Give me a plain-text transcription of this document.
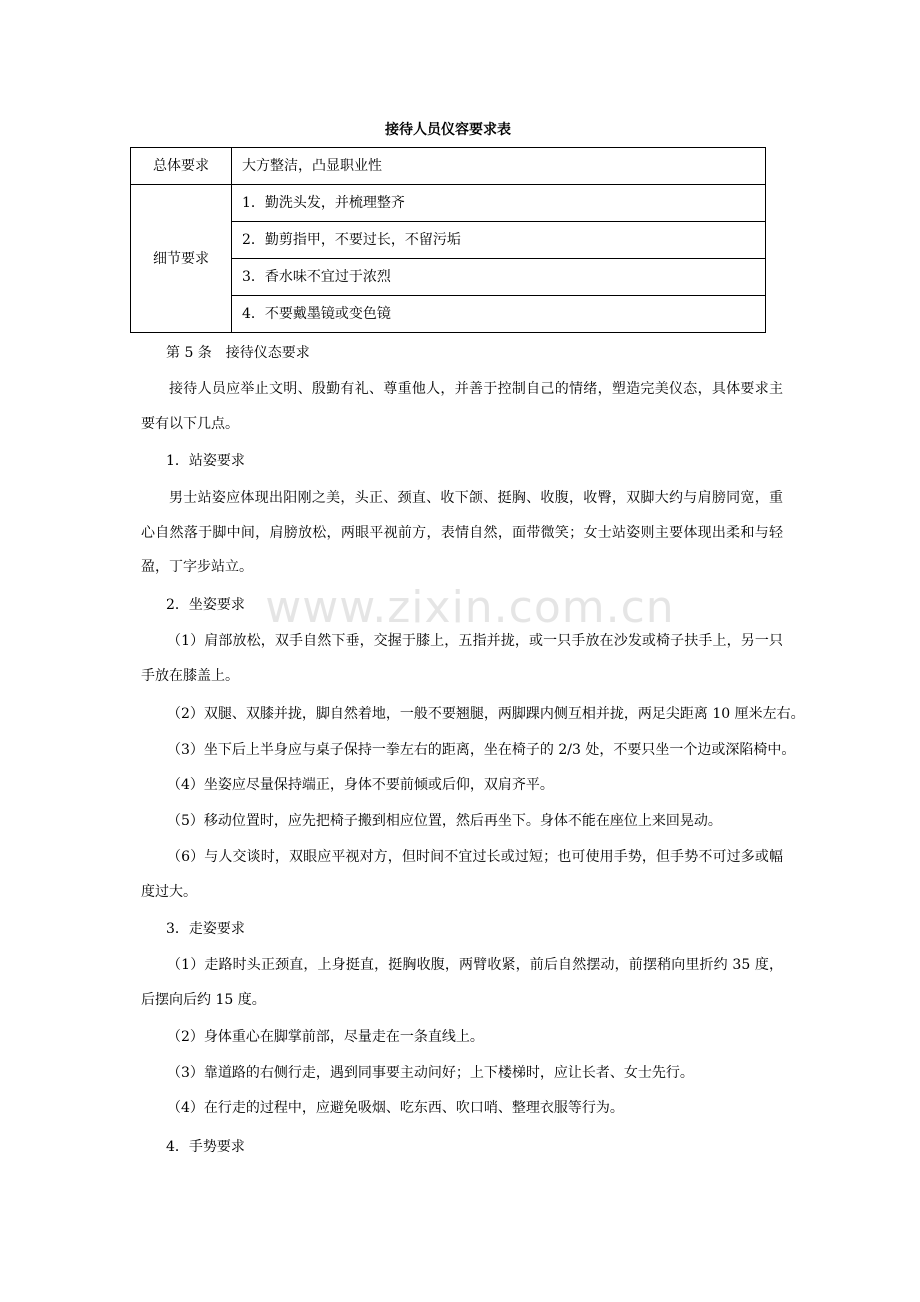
接待人员仪容要求表
总体要求	大方整洁，凸显职业性
细节要求	1．勤洗头发，并梳理整齐
	2．勤剪指甲，不要过长，不留污垢
	3．香水味不宜过于浓烈
	4．不要戴墨镜或变色镜
第 5 条　接待仪态要求
接待人员应举止文明、殷勤有礼、尊重他人，并善于控制自己的情绪，塑造完美仪态，具体要求主要有以下几点。
1．站姿要求
男士站姿应体现出阳刚之美，头正、颈直、收下颌、挺胸、收腹，收臀，双脚大约与肩膀同宽，重心自然落于脚中间，肩膀放松，两眼平视前方，表情自然，面带微笑；女士站姿则主要体现出柔和与轻盈，丁字步站立。
2．坐姿要求
（1）肩部放松，双手自然下垂，交握于膝上，五指并拢，或一只手放在沙发或椅子扶手上，另一只手放在膝盖上。
（2）双腿、双膝并拢，脚自然着地，一般不要翘腿，两脚踝内侧互相并拢，两足尖距离 10 厘米左右。
（3）坐下后上半身应与桌子保持一拳左右的距离，坐在椅子的 2/3 处，不要只坐一个边或深陷椅中。
（4）坐姿应尽量保持端正，身体不要前倾或后仰，双肩齐平。
（5）移动位置时，应先把椅子搬到相应位置，然后再坐下。身体不能在座位上来回晃动。
（6）与人交谈时，双眼应平视对方，但时间不宜过长或过短；也可使用手势，但手势不可过多或幅度过大。
3．走姿要求
（1）走路时头正颈直，上身挺直，挺胸收腹，两臂收紧，前后自然摆动，前摆稍向里折约 35 度，后摆向后约 15 度。
（2）身体重心在脚掌前部，尽量走在一条直线上。
（3）靠道路的右侧行走，遇到同事要主动问好；上下楼梯时，应让长者、女士先行。
（4）在行走的过程中，应避免吸烟、吃东西、吹口哨、整理衣服等行为。
4．手势要求
www.zixin.com.cn
